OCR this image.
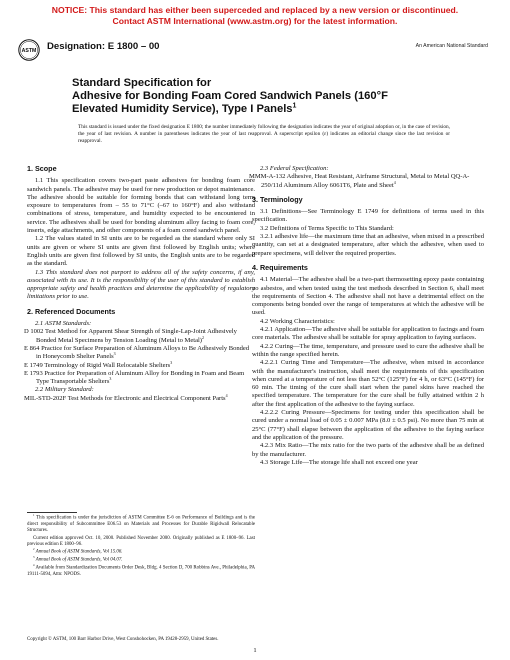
NOTICE: This standard has either been superceded and replaced by a new version or discontinued.
Contact ASTM International (www.astm.org) for the latest information.
ASTM Designation: E 1800 – 00	An American National Standard
Standard Specification for
Adhesive for Bonding Foam Cored Sandwich Panels (160°F
Elevated Humidity Service), Type I Panels$^1$
This standard is issued under the fixed designation E 1800; the number immediately following the designation indicates the year of original adoption or, in the case of revision, the year of last revision. A number in parentheses indicates the year of last reapproval. A superscript epsilon (ε) indicates an editorial change since the last revision or reapproval.
1. Scope

1.1 This specification covers two-part paste adhesives for bonding foam core sandwich panels. The adhesive may be used for new production or depot maintenance. The adhesive should be suitable for forming bonds that can withstand long term exposure to temperatures from – 55 to 71°C (–67 to 160°F) and also withstand combinations of stress, temperature, and humidity expected to be encountered in service. The adhesives shall be used for bonding aluminum alloy facing to foam core, inserts, edge attachments, and other components of a foam cored sandwich panel.

1.2 The values stated in SI units are to be regarded as the standard where only SI units are given or where SI units are given first followed by English units; where English units are given first followed by SI units, the English units are to be regarded as the standard.

1.3 This standard does not purport to address all of the safety concerns, if any, associated with its use. It is the responsibility of the user of this standard to establish appropriate safety and health practices and determine the applicability of regulatory limitations prior to use.

2. Referenced Documents

2.1 ASTM Standards:

D 1002 Test Method for Apparent Shear Strength of Single-Lap-Joint Adhesively Bonded Metal Specimens by Tension Loading (Metal to Metal)$^2$

E 864 Practice for Surface Preparation of Aluminum Alloys to Be Adhesively Bonded in Honeycomb Shelter Panels$^3$

E 1749 Terminology of Rigid Wall Relocatable Shelters$^3$

E 1793 Practice for Preparation of Aluminum Alloy for Bonding in Foam and Beam Type Transportable Shelters$^3$

2.2 Military Standard:

MIL-STD-202F Test Methods for Electronic and Electrical Component Parts$^4$

$^1$ This specification is under the jurisdiction of ASTM Committee E-6 on Performance of Buildings and is the direct responsibility of Subcommittee E06.53 on Materials and Processes for Durable Rigidwall Relocatable Structures.

Current edition approved Oct. 10, 2000. Published November 2000. Originally published as E 1800–96. Last previous edition E 1800–96.

$^2$ Annual Book of ASTM Standards, Vol 15.06.

$^3$ Annual Book of ASTM Standards, Vol 04.07.

$^4$ Available from Standardization Documents Order Desk, Bldg. 4 Section D, 700 Robbins Ave., Philadelphia, PA 19111-5094, Attn: NPODS.

2.3 Federal Specification:

MMM-A-132 Adhesive, Heat Resistant, Airframe Structural, Metal to Metal QQ-A-250/11d Aluminum Alloy 6061T6, Plate and Sheet$^4$

3. Terminology

3.1 Definitions—See Terminology E 1749 for definitions of terms used in this specification.

3.2 Definitions of Terms Specific to This Standard:

3.2.1 adhesive life—the maximum time that an adhesive, when mixed in a prescribed quantity, can set at a designated temperature, after which the adhesive, when used to prepare specimens, will deliver the required properties.

4. Requirements

4.1 Material—The adhesive shall be a two-part thermosetting epoxy paste containing no asbestos, and when tested using the test methods described in Section 6, shall meet the requirements of Section 4. The adhesive shall not have a detrimental effect on the components being bonded over the range of temperatures at which the adhesive will be used.

4.2 Working Characteristics:

4.2.1 Application—The adhesive shall be suitable for application to facings and foam core materials. The adhesive shall be suitable for spray application to faying surfaces.

4.2.2 Curing—The time, temperature, and pressure used to cure the adhesive shall be within the range specified herein.

4.2.2.1 Curing Time and Temperature—The adhesive, when mixed in accordance with the manufacturer's instruction, shall meet the requirements of this specification when cured at a temperature of not less than 52°C (125°F) for 4 h, or 63°C (145°F) for 60 min. The timing of the cure shall start when the panel skins have reached the specified temperature. The temperature for the cure shall be fully attained within 2 h after the first application of the adhesive to the faying surface.

4.2.2.2 Curing Pressure—Specimens for testing under this specification shall be cured under a normal load of 0.05 ± 0.007 MPa (8.0 ± 0.5 psi). No more than 75 min at 25°C (77°F) shall elapse between the application of the adhesive to the faying surface and the application of the pressure.

4.2.3 Mix Ratio—The mix ratio for the two parts of the adhesive shall be as defined by the manufacturer.

4.3 Storage Life—The storage life shall not exceed one year

Copyright © ASTM, 100 Barr Harbor Drive, West Conshohocken, PA 19428-2959, United States.
1
